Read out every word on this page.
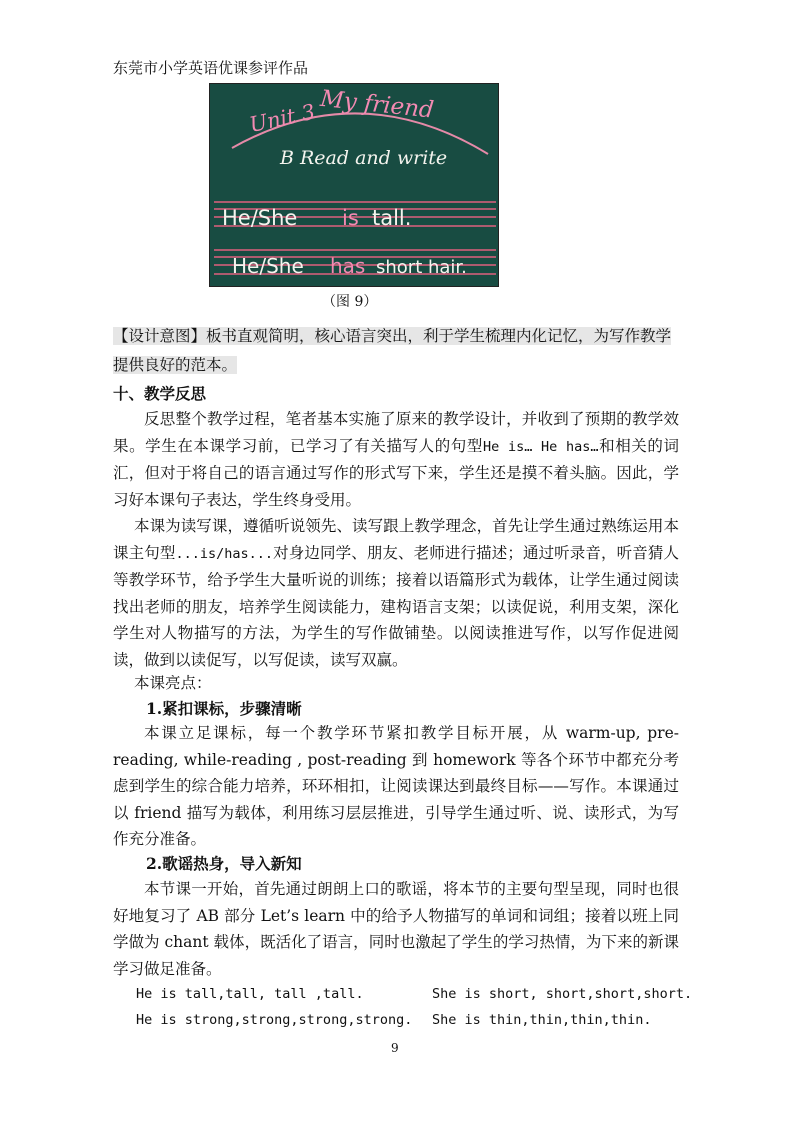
东莞市小学英语优课参评作品
Unit 3 My friend
B Read and write
He/She is tall.
He/She has short hair.
（图 9）
【设计意图】板书直观简明，核心语言突出，利于学生梳理内化记忆，为写作教学提供良好的范本。
十、教学反思

反思整个教学过程，笔者基本实施了原来的教学设计，并收到了预期的教学效果。学生在本课学习前，已学习了有关描写人的句型He is… He has…和相关的词汇，但对于将自己的语言通过写作的形式写下来，学生还是摸不着头脑。因此，学习好本课句子表达，学生终身受用。

本课为读写课，遵循听说领先、读写跟上教学理念，首先让学生通过熟练运用本课主句型...is/has...对身边同学、朋友、老师进行描述；通过听录音，听音猜人等教学环节，给予学生大量听说的训练；接着以语篇形式为载体，让学生通过阅读找出老师的朋友，培养学生阅读能力，建构语言支架；以读促说，利用支架，深化学生对人物描写的方法，为学生的写作做铺垫。以阅读推进写作，以写作促进阅读，做到以读促写，以写促读，读写双赢。

本课亮点：
1.紧扣课标，步骤清晰

本课立足课标，每一个教学环节紧扣教学目标开展，从 warm-up, pre-reading, while-reading , post-reading 到 homework 等各个环节中都充分考虑到学生的综合能力培养，环环相扣，让阅读课达到最终目标——写作。本课通过以 friend 描写为载体，利用练习层层推进，引导学生通过听、说、读形式，为写作充分准备。

2.歌谣热身，导入新知

本节课一开始，首先通过朗朗上口的歌谣，将本节的主要句型呈现，同时也很好地复习了 AB 部分 Let’s learn 中的给予人物描写的单词和词组；接着以班上同学做为 chant 载体，既活化了语言，同时也激起了学生的学习热情，为下来的新课学习做足准备。

He is tall,tall, tall ,tall.	She is short, short,short,short.
He is strong,strong,strong,strong. She is thin,thin,thin,thin.
9
